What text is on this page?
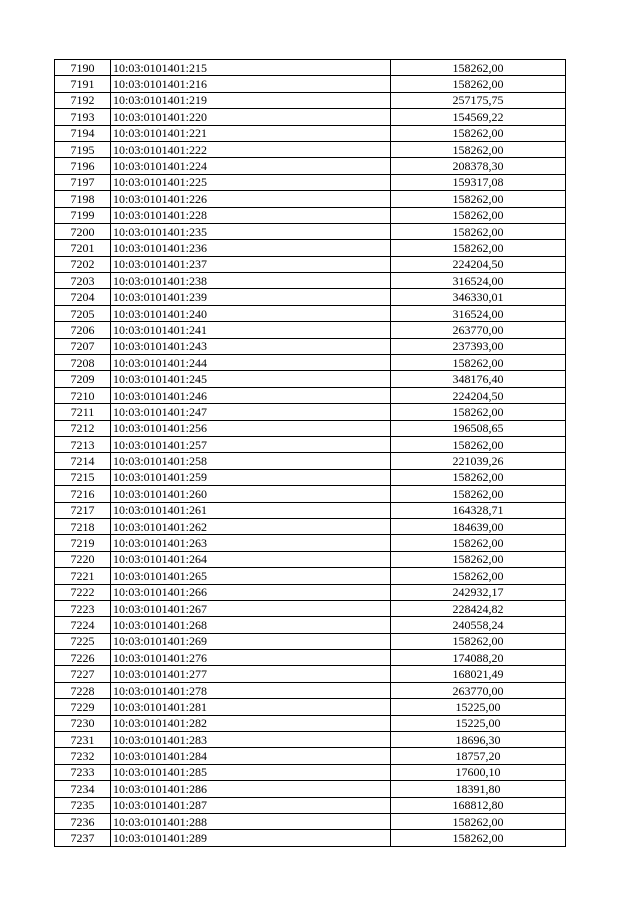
7190	10:03:0101401:215	158262,00
7191	10:03:0101401:216	158262,00
7192	10:03:0101401:219	257175,75
7193	10:03:0101401:220	154569,22
7194	10:03:0101401:221	158262,00
7195	10:03:0101401:222	158262,00
7196	10:03:0101401:224	208378,30
7197	10:03:0101401:225	159317,08
7198	10:03:0101401:226	158262,00
7199	10:03:0101401:228	158262,00
7200	10:03:0101401:235	158262,00
7201	10:03:0101401:236	158262,00
7202	10:03:0101401:237	224204,50
7203	10:03:0101401:238	316524,00
7204	10:03:0101401:239	346330,01
7205	10:03:0101401:240	316524,00
7206	10:03:0101401:241	263770,00
7207	10:03:0101401:243	237393,00
7208	10:03:0101401:244	158262,00
7209	10:03:0101401:245	348176,40
7210	10:03:0101401:246	224204,50
7211	10:03:0101401:247	158262,00
7212	10:03:0101401:256	196508,65
7213	10:03:0101401:257	158262,00
7214	10:03:0101401:258	221039,26
7215	10:03:0101401:259	158262,00
7216	10:03:0101401:260	158262,00
7217	10:03:0101401:261	164328,71
7218	10:03:0101401:262	184639,00
7219	10:03:0101401:263	158262,00
7220	10:03:0101401:264	158262,00
7221	10:03:0101401:265	158262,00
7222	10:03:0101401:266	242932,17
7223	10:03:0101401:267	228424,82
7224	10:03:0101401:268	240558,24
7225	10:03:0101401:269	158262,00
7226	10:03:0101401:276	174088,20
7227	10:03:0101401:277	168021,49
7228	10:03:0101401:278	263770,00
7229	10:03:0101401:281	15225,00
7230	10:03:0101401:282	15225,00
7231	10:03:0101401:283	18696,30
7232	10:03:0101401:284	18757,20
7233	10:03:0101401:285	17600,10
7234	10:03:0101401:286	18391,80
7235	10:03:0101401:287	168812,80
7236	10:03:0101401:288	158262,00
7237	10:03:0101401:289	158262,00
